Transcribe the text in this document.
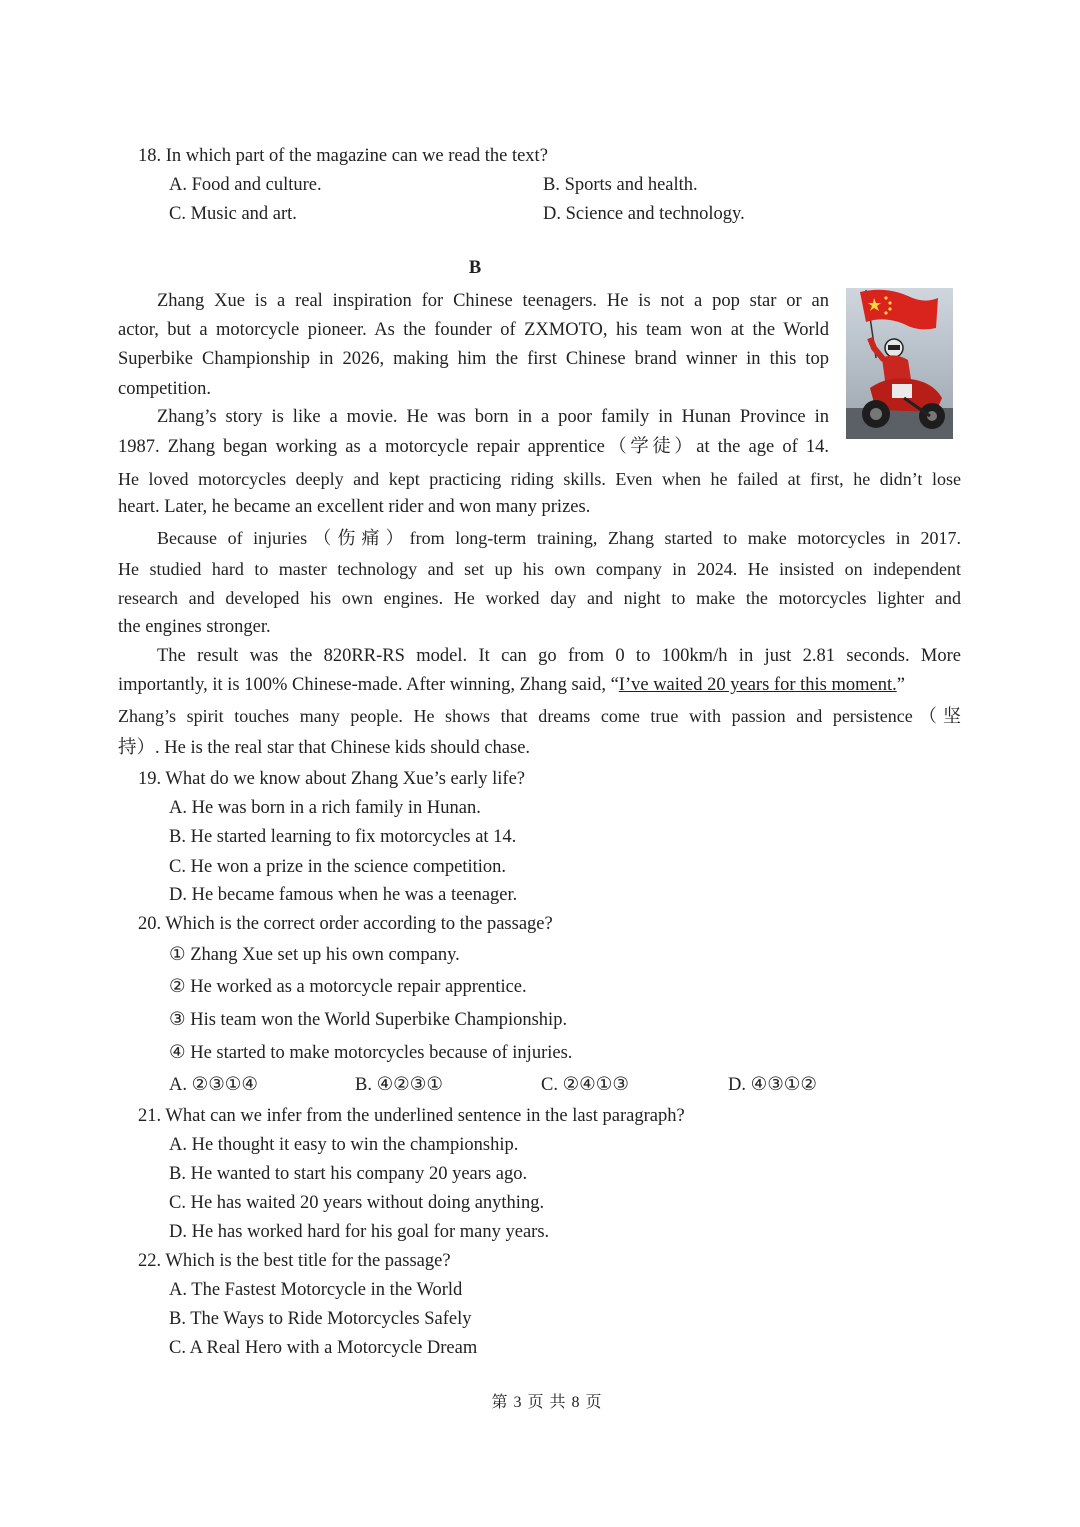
18. In which part of the magazine can we read the text?
A. Food and culture.	B. Sports and health.
C. Music and art.	D. Science and technology.
B
Zhang Xue is a real inspiration for Chinese teenagers. He is not a pop star or an
actor, but a motorcycle pioneer. As the founder of ZXMOTO, his team won at the World
Superbike Championship in 2026, making him the first Chinese brand winner in this top
competition.
Zhang’s story is like a movie. He was born in a poor family in Hunan Province in
1987. Zhang began working as a motorcycle repair apprentice（学徒）at the age of 14.
He loved motorcycles deeply and kept practicing riding skills. Even when he failed at first, he didn’t lose
heart. Later, he became an excellent rider and won many prizes.
Because of injuries（伤痛）from long-term training, Zhang started to make motorcycles in 2017.
He studied hard to master technology and set up his own company in 2024. He insisted on independent
research and developed his own engines. He worked day and night to make the motorcycles lighter and
the engines stronger.
The result was the 820RR-RS model. It can go from 0 to 100km/h in just 2.81 seconds. More
importantly, it is 100% Chinese-made. After winning, Zhang said, “I’ve waited 20 years for this moment.”
Zhang’s spirit touches many people. He shows that dreams come true with passion and persistence（坚
持）. He is the real star that Chinese kids should chase.
19. What do we know about Zhang Xue’s early life?
A. He was born in a rich family in Hunan.
B. He started learning to fix motorcycles at 14.
C. He won a prize in the science competition.
D. He became famous when he was a teenager.
20. Which is the correct order according to the passage?
① Zhang Xue set up his own company.
② He worked as a motorcycle repair apprentice.
③ His team won the World Superbike Championship.
④ He started to make motorcycles because of injuries.
A. ②③①④	B. ④②③①	C. ②④①③	D. ④③①②
21. What can we infer from the underlined sentence in the last paragraph?
A. He thought it easy to win the championship.
B. He wanted to start his company 20 years ago.
C. He has waited 20 years without doing anything.
D. He has worked hard for his goal for many years.
22. Which is the best title for the passage?
A. The Fastest Motorcycle in the World
B. The Ways to Ride Motorcycles Safely
C. A Real Hero with a Motorcycle Dream
第 3 页 共 8 页
